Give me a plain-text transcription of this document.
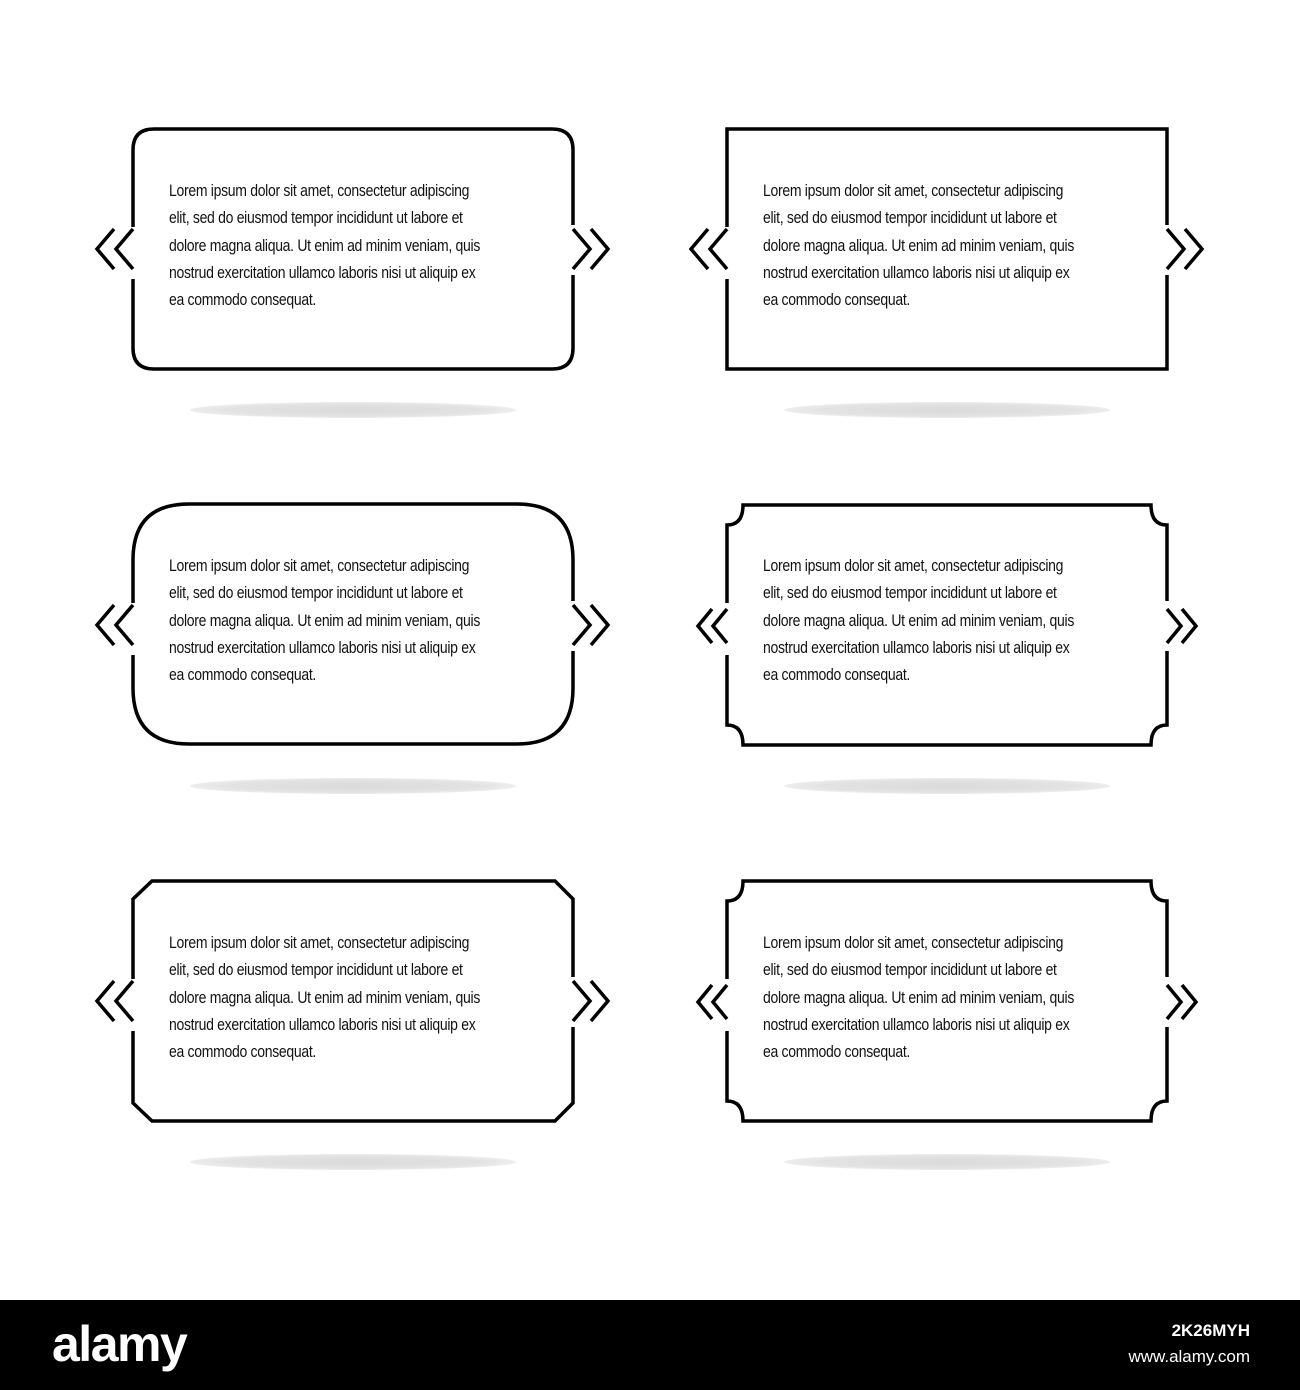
Lorem ipsum dolor sit amet, consectetur adipiscing elit, sed do eiusmod tempor incididunt ut labore et dolore magna aliqua. Ut enim ad minim veniam, quis nostrud exercitation ullamco laboris nisi ut aliquip ex ea commodo consequat.
Lorem ipsum dolor sit amet, consectetur adipiscing elit, sed do eiusmod tempor incididunt ut labore et dolore magna aliqua. Ut enim ad minim veniam, quis nostrud exercitation ullamco laboris nisi ut aliquip ex ea commodo consequat.
Lorem ipsum dolor sit amet, consectetur adipiscing elit, sed do eiusmod tempor incididunt ut labore et dolore magna aliqua. Ut enim ad minim veniam, quis nostrud exercitation ullamco laboris nisi ut aliquip ex ea commodo consequat.
Lorem ipsum dolor sit amet, consectetur adipiscing elit, sed do eiusmod tempor incididunt ut labore et dolore magna aliqua. Ut enim ad minim veniam, quis nostrud exercitation ullamco laboris nisi ut aliquip ex ea commodo consequat.
Lorem ipsum dolor sit amet, consectetur adipiscing elit, sed do eiusmod tempor incididunt ut labore et dolore magna aliqua. Ut enim ad minim veniam, quis nostrud exercitation ullamco laboris nisi ut aliquip ex ea commodo consequat.
Lorem ipsum dolor sit amet, consectetur adipiscing elit, sed do eiusmod tempor incididunt ut labore et dolore magna aliqua. Ut enim ad minim veniam, quis nostrud exercitation ullamco laboris nisi ut aliquip ex ea commodo consequat.
alamy	2K26MYH
www.alamy.com
